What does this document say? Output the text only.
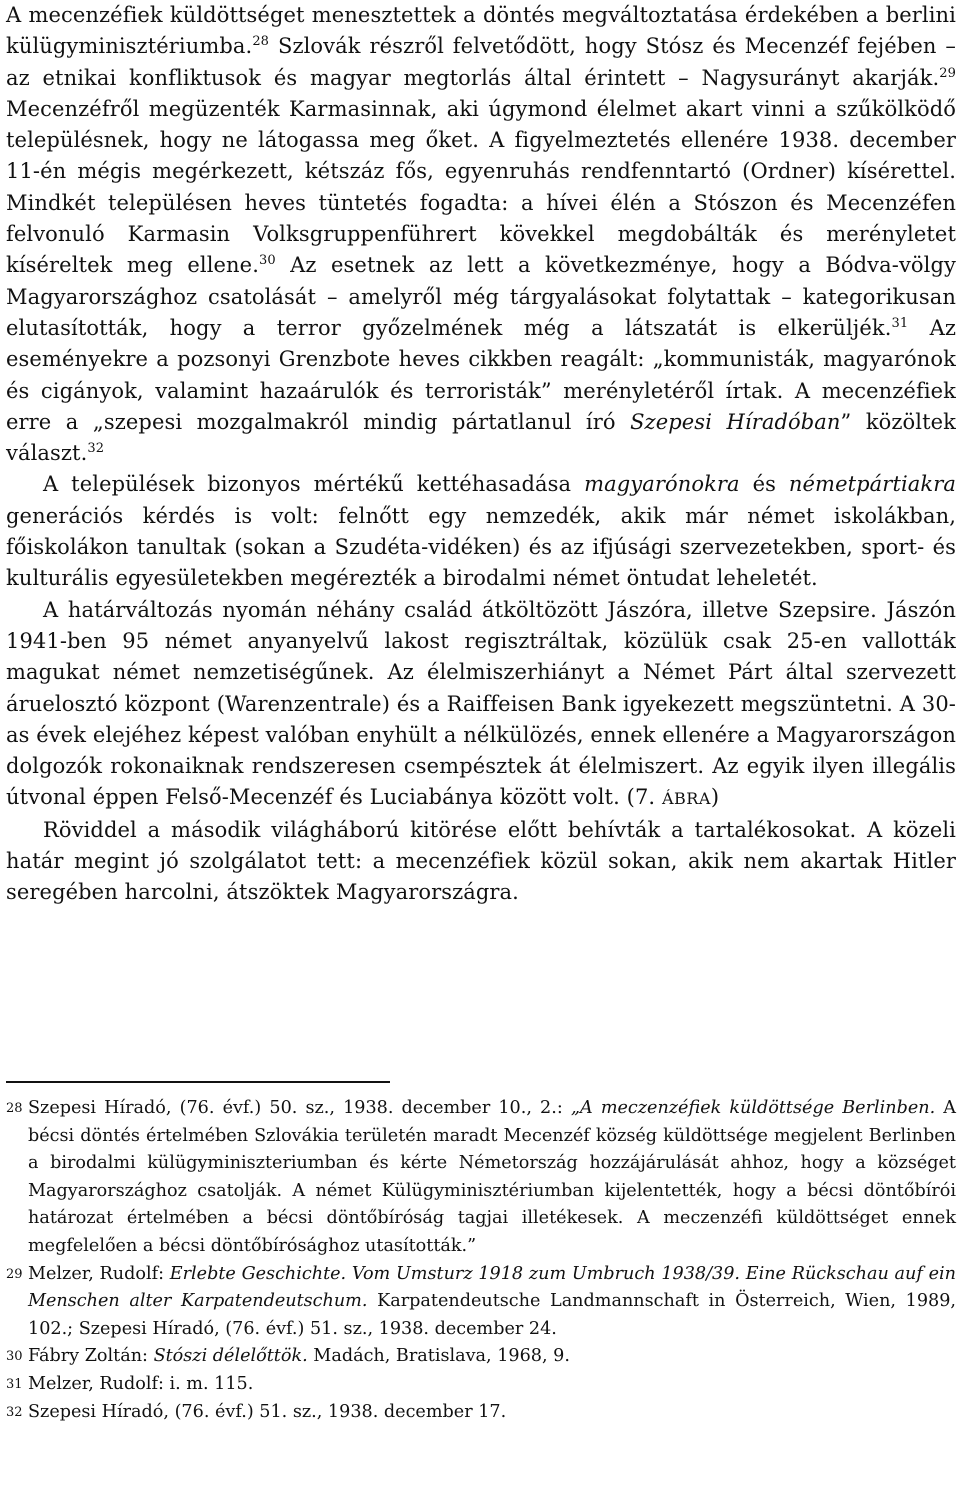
A mecenzéfiek küldöttséget menesztettek a döntés megváltoztatása érdekében a berlini külügyminisztériumba.$^{28}$ Szlovák részről felvetődött, hogy Stósz és Mecenzéf fejében – az etnikai konfliktusok és magyar megtorlás által érintett – Nagysurányt akarják.$^{29}$ Mecenzéfről megüzenték Karmasinnak, aki úgymond élelmet akart vinni a szűkölködő településnek, hogy ne látogassa meg őket. A figyelmeztetés ellenére 1938. december 11-én mégis megérkezett, kétszáz fős, egyenruhás rendfenntartó (Ordner) kísérettel. Mindkét településen heves tüntetés fogadta: a hívei élén a Stószon és Mecenzéfen felvonuló Karmasin Volksgruppenführert kövekkel megdobálták és merényletet kíséreltek meg ellene.$^{30}$ Az esetnek az lett a következménye, hogy a Bódva-völgy Magyarországhoz csatolását – amelyről még tárgyalásokat folytattak – kategorikusan elutasították, hogy a terror győzelmének még a látszatát is elkerüljék.$^{31}$ Az eseményekre a pozsonyi Grenzbote heves cikkben reagált: „kommunisták, magyarónok és cigányok, valamint hazaárulók és terroristák” merényletéről írtak. A mecenzéfiek erre a „szepesi mozgalmakról mindig pártatlanul író Szepesi Híradóban” közöltek választ.$^{32}$

A települések bizonyos mértékű kettéhasadása magyarónokra és németpártiakra generációs kérdés is volt: felnőtt egy nemzedék, akik már német iskolákban, főiskolákon tanultak (sokan a Szudéta-vidéken) és az ifjúsági szervezetekben, sport- és kulturális egyesületekben megérezték a birodalmi német öntudat leheletét.

A határváltozás nyomán néhány család átköltözött Jászóra, illetve Szepsire. Jászón 1941-ben 95 német anyanyelvű lakost regisztráltak, közülük csak 25-en vallották magukat német nemzetiségűnek. Az élelmiszerhiányt a Német Párt által szervezett áruelosztó központ (Warenzentrale) és a Raiffeisen Bank igyekezett megszüntetni. A 30-as évek elejéhez képest valóban enyhült a nélkülözés, ennek ellenére a Magyarországon dolgozók rokonaiknak rendszeresen csempésztek át élelmiszert. Az egyik ilyen illegális útvonal éppen Felső-Mecenzéf és Luciabánya között volt. (7. ÁBRA)

Röviddel a második világháború kitörése előtt behívták a tartalékosokat. A közeli határ megint jó szolgálatot tett: a mecenzéfiek közül sokan, akik nem akartak Hitler seregében harcolni, átszöktek Magyarországra.

28 Szepesi Híradó, (76. évf.) 50. sz., 1938. december 10., 2.: „A meczenzéfiek küldöttsége Berlinben. A bécsi döntés értelmében Szlovákia területén maradt Mecenzéf község küldöttsége megjelent Berlinben a birodalmi külügyminiszteriumban és kérte Németország hozzájárulását ahhoz, hogy a községet Magyarországhoz csatolják. A német Külügyminisztériumban kijelentették, hogy a bécsi döntőbírói határozat értelmében a bécsi döntőbíróság tagjai illetékesek. A meczenzéfi küldöttséget ennek megfelelően a bécsi döntőbírósághoz utasították.”

29 Melzer, Rudolf: Erlebte Geschichte. Vom Umsturz 1918 zum Umbruch 1938/39. Eine Rückschau auf ein Menschen alter Karpatendeutschum. Karpatendeutsche Landmannschaft in Österreich, Wien, 1989, 102.; Szepesi Híradó, (76. évf.) 51. sz., 1938. december 24.

30 Fábry Zoltán: Stószi délelőttök. Madách, Bratislava, 1968, 9.

31 Melzer, Rudolf: i. m. 115.

32 Szepesi Híradó, (76. évf.) 51. sz., 1938. december 17.
